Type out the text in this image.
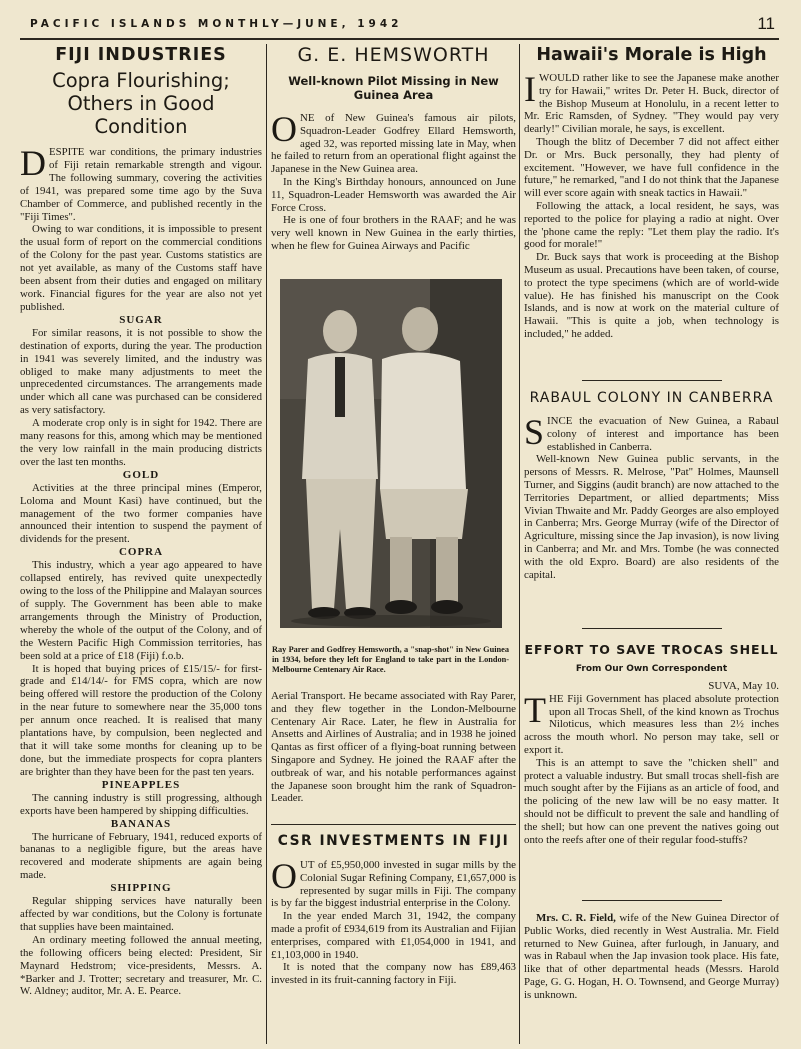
PACIFIC ISLANDS MONTHLY—JUNE, 1942	11
FIJI INDUSTRIES
Copra Flourishing; Others in Good Condition

DESPITE war conditions, the primary industries of Fiji retain remarkable strength and vigour. The following summary, covering the activities of 1941, was prepared some time ago by the Suva Chamber of Commerce, and published recently in the "Fiji Times".

Owing to war conditions, it is impossible to present the usual form of report on the commercial conditions of the Colony for the past year. Customs statistics are not yet available, as many of the Customs staff have been absent from their duties and engaged on military work. Financial figures for the year are also not yet published.

SUGAR

For similar reasons, it is not possible to show the destination of exports, during the year. The production in 1941 was severely limited, and the industry was obliged to make many adjustments to meet the unprecedented circumstances. The arrangements made under which all cane was purchased can be considered as very satisfactory.

A moderate crop only is in sight for 1942. There are many reasons for this, among which may be mentioned the very low rainfall in the main producing districts over the last ten months.

GOLD

Activities at the three principal mines (Emperor, Loloma and Mount Kasi) have continued, but the management of the two former companies have announced their intention to suspend the payment of dividends for the present.

COPRA

This industry, which a year ago appeared to have collapsed entirely, has revived quite unexpectedly owing to the loss of the Philippine and Malayan sources of supply. The Government has been able to make arrangements through the Ministry of Production, whereby the whole of the output of the Colony, and of the Western Pacific High Commission territories, has been sold at a price of £18 (Fiji) f.o.b.

It is hoped that buying prices of £15/15/- for first-grade and £14/14/- for FMS copra, which are now being offered will restore the production of the Colony in the near future to somewhere near the 35,000 tons per annum once reached. It is realised that many plantations have, by compulsion, been neglected and that it will take some months for cleaning up to be done, but the immediate prospects for copra planters are brighter than they have been for the past ten years.

PINEAPPLES

The canning industry is still progressing, although exports have been hampered by shipping difficulties.

BANANAS

The hurricane of February, 1941, reduced exports of bananas to a negligible figure, but the areas have recovered and moderate shipments are again being made.

SHIPPING

Regular shipping services have naturally been affected by war conditions, but the Colony is fortunate that supplies have been maintained.

An ordinary meeting followed the annual meeting, the following officers being elected: President, Sir Maynard Hedstrom; vice-presidents, Messrs. A. *Barker and J. Trotter; secretary and treasurer, Mr. C. W. Aldney; auditor, Mr. A. E. Pearce.

G. E. HEMSWORTH
Well-known Pilot Missing in New Guinea Area

ONE of New Guinea's famous air pilots, Squadron-Leader Godfrey Ellard Hemsworth, aged 32, was reported missing late in May, when he failed to return from an operational flight against the Japanese in the New Guinea area.

In the King's Birthday honours, announced on June 11, Squadron-Leader Hemsworth was awarded the Air Force Cross.

He is one of four brothers in the RAAF; and he was very well known in New Guinea in the early thirties, when he flew for Guinea Airways and Pacific

Ray Parer and Godfrey Hemsworth, a "snap-shot" in New Guinea in 1934, before they left for England to take part in the London-Melbourne Centenary Air Race.

Aerial Transport. He became associated with Ray Parer, and they flew together in the London-Melbourne Centenary Air Race. Later, he flew in Australia for Ansetts and Airlines of Australia; and in 1938 he joined Qantas as first officer of a flying-boat running between Singapore and Sydney. He joined the RAAF after the outbreak of war, and his notable performances against the Japanese soon brought him the rank of Squadron-Leader.

CSR INVESTMENTS IN FIJI

OUT of £5,950,000 invested in sugar mills by the Colonial Sugar Refining Company, £1,657,000 is represented by sugar mills in Fiji. The company is by far the biggest industrial enterprise in the Colony.

In the year ended March 31, 1942, the company made a profit of £934,619 from its Australian and Fijian enterprises, compared with £1,054,000 in 1941, and £1,103,000 in 1940.

It is noted that the company now has £89,463 invested in its fruit-canning factory in Fiji.

Hawaii's Morale is High

IWOULD rather like to see the Japanese make another try for Hawaii," writes Dr. Peter H. Buck, director of the Bishop Museum at Honolulu, in a recent letter to Mr. Eric Ramsden, of Sydney. "They would pay very dearly!" Civilian morale, he says, is excellent.

Though the blitz of December 7 did not affect either Dr. or Mrs. Buck personally, they had plenty of excitement. "However, we have full confidence in the future," he remarked, "and I do not think that the Japanese will ever score again with sneak tactics in Hawaii."

Following the attack, a local resident, he says, was reported to the police for playing a radio at night. Over the 'phone came the reply: "Let them play the radio. It's good for morale!"

Dr. Buck says that work is proceeding at the Bishop Museum as usual. Precautions have been taken, of course, to protect the type specimens (which are of world-wide value). He has finished his manuscript on the Cook Islands, and is now at work on the material culture of Hawaii. "This is quite a job, when technology is included," he added.

RABAUL COLONY IN CANBERRA

SINCE the evacuation of New Guinea, a Rabaul colony of interest and importance has been established in Canberra.

Well-known New Guinea public servants, in the persons of Messrs. R. Melrose, "Pat" Holmes, Maunsell Turner, and Siggins (audit branch) are now attached to the Territories Department, or allied departments; Miss Vivian Thwaite and Mr. Paddy Georges are also employed in Canberra; Mrs. George Murray (wife of the Director of Agriculture, missing since the Jap invasion), is now living in Canberra; and Mr. and Mrs. Tombe (he was connected with the old Expro. Board) are also residents of the capital.

EFFORT TO SAVE TROCAS SHELL
From Our Own Correspondent
SUVA, May 10.

THE Fiji Government has placed absolute protection upon all Trocas Shell, of the kind known as Trochus Niloticus, which measures less than 2½ inches across the mouth whorl. No person may take, sell or export it.

This is an attempt to save the "chicken shell" and protect a valuable industry. But small trocas shell-fish are much sought after by the Fijians as an article of food, and the policing of the new law will be no easy matter. It should not be difficult to prevent the sale and handling of the shell; but how can one prevent the natives going out onto the reefs after one of their regular food-stuffs?

Mrs. C. R. Field, wife of the New Guinea Director of Public Works, died recently in West Australia. Mr. Field returned to New Guinea, after furlough, in January, and was in Rabaul when the Jap invasion took place. His fate, like that of other departmental heads (Messrs. Harold Page, G. G. Hogan, H. O. Townsend, and George Murray) is unknown.
